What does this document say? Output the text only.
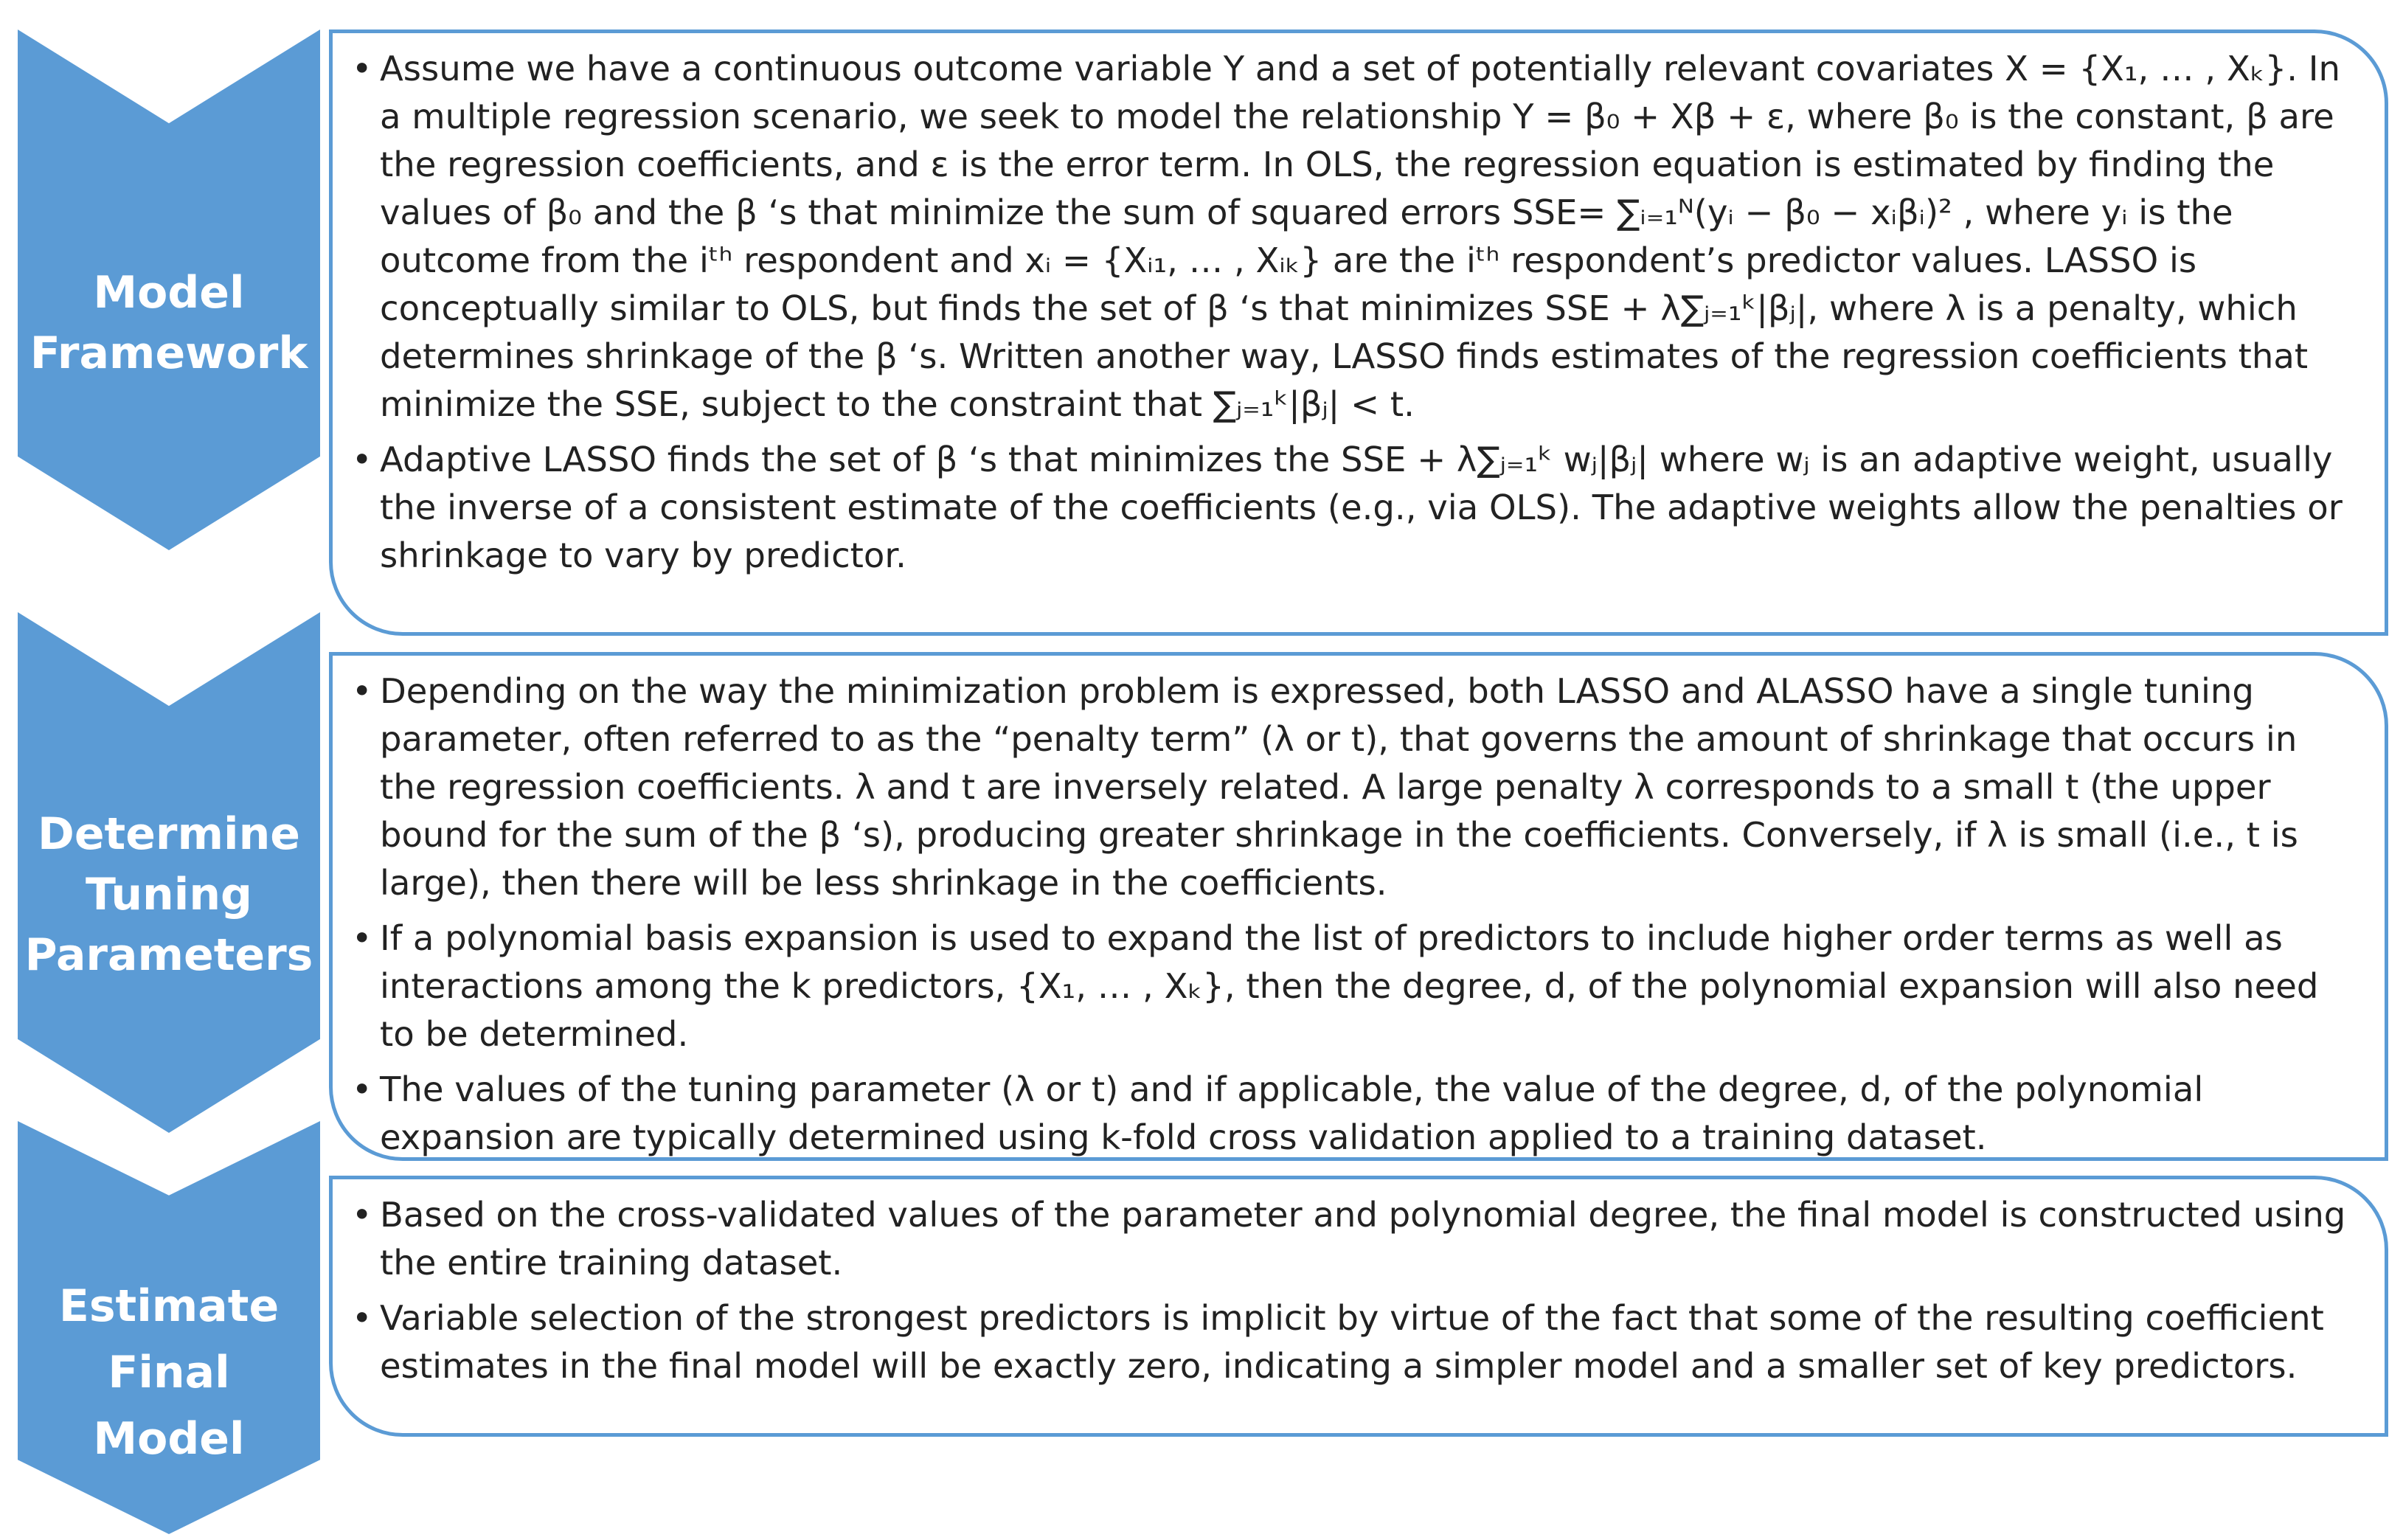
Model
Framework
Determine
Tuning
Parameters
Estimate
Final
Model
• Assume we have a continuous outcome variable Y and a set of potentially relevant covariates X = {X₁, … , Xₖ}. In a multiple regression scenario, we seek to model the relationship Y = β₀ + Xβ + ε, where β₀ is the constant, β are the regression coefficients, and ε is the error term. In OLS, the regression equation is estimated by finding the values of β₀ and the β ‘s that minimize the sum of squared errors SSE= ∑ᵢ₌₁ᴺ(yᵢ − β₀ − xᵢβᵢ)² , where yᵢ is the outcome from the iᵗʰ respondent and xᵢ = {Xᵢ₁, … , Xᵢₖ} are the iᵗʰ respondent’s predictor values. LASSO is conceptually similar to OLS, but finds the set of β ‘s that minimizes SSE + λ∑ⱼ₌₁ᵏ|βⱼ|, where λ is a penalty, which determines shrinkage of the β ‘s. Written another way, LASSO finds estimates of the regression coefficients that minimize the SSE, subject to the constraint that ∑ⱼ₌₁ᵏ|βⱼ| < t.
• Adaptive LASSO finds the set of β ‘s that minimizes the SSE + λ∑ⱼ₌₁ᵏ wⱼ|βⱼ| where wⱼ is an adaptive weight, usually the inverse of a consistent estimate of the coefficients (e.g., via OLS). The adaptive weights allow the penalties or shrinkage to vary by predictor.
• Depending on the way the minimization problem is expressed, both LASSO and ALASSO have a single tuning parameter, often referred to as the “penalty term” (λ or t), that governs the amount of shrinkage that occurs in the regression coefficients. λ and t are inversely related. A large penalty λ corresponds to a small t (the upper bound for the sum of the β ‘s), producing greater shrinkage in the coefficients. Conversely, if λ is small (i.e., t is large), then there will be less shrinkage in the coefficients.
• If a polynomial basis expansion is used to expand the list of predictors to include higher order terms as well as interactions among the k predictors, {X₁, … , Xₖ}, then the degree, d, of the polynomial expansion will also need to be determined.
• The values of the tuning parameter (λ or t) and if applicable, the value of the degree, d, of the polynomial expansion are typically determined using k-fold cross validation applied to a training dataset.
• Based on the cross-validated values of the parameter and polynomial degree, the final model is constructed using the entire training dataset.
• Variable selection of the strongest predictors is implicit by virtue of the fact that some of the resulting coefficient estimates in the final model will be exactly zero, indicating a simpler model and a smaller set of key predictors.
